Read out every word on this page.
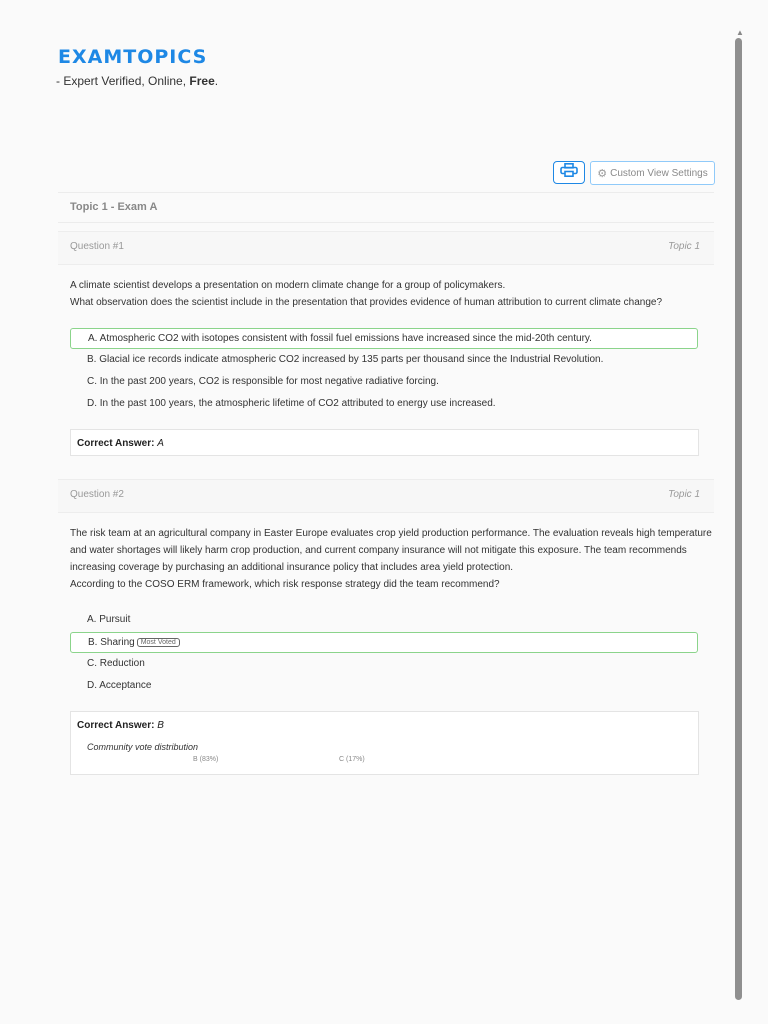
EXAMTOPICS
- Expert Verified, Online, Free.
⚙ Custom View Settings
Topic 1 - Exam A
Question #1	Topic 1
A climate scientist develops a presentation on modern climate change for a group of policymakers.
What observation does the scientist include in the presentation that provides evidence of human attribution to current climate change?
A. Atmospheric CO2 with isotopes consistent with fossil fuel emissions have increased since the mid-20th century.
B. Glacial ice records indicate atmospheric CO2 increased by 135 parts per thousand since the Industrial Revolution.
C. In the past 200 years, CO2 is responsible for most negative radiative forcing.
D. In the past 100 years, the atmospheric lifetime of CO2 attributed to energy use increased.
Correct Answer: A
Question #2	Topic 1
The risk team at an agricultural company in Easter Europe evaluates crop yield production performance. The evaluation reveals high temperature
and water shortages will likely harm crop production, and current company insurance will not mitigate this exposure. The team recommends
increasing coverage by purchasing an additional insurance policy that includes area yield protection.
According to the COSO ERM framework, which risk response strategy did the team recommend?
A. Pursuit
B. Sharing Most Voted
C. Reduction
D. Acceptance
Correct Answer: B
Community vote distribution
B (83%)	C (17%)
▲
